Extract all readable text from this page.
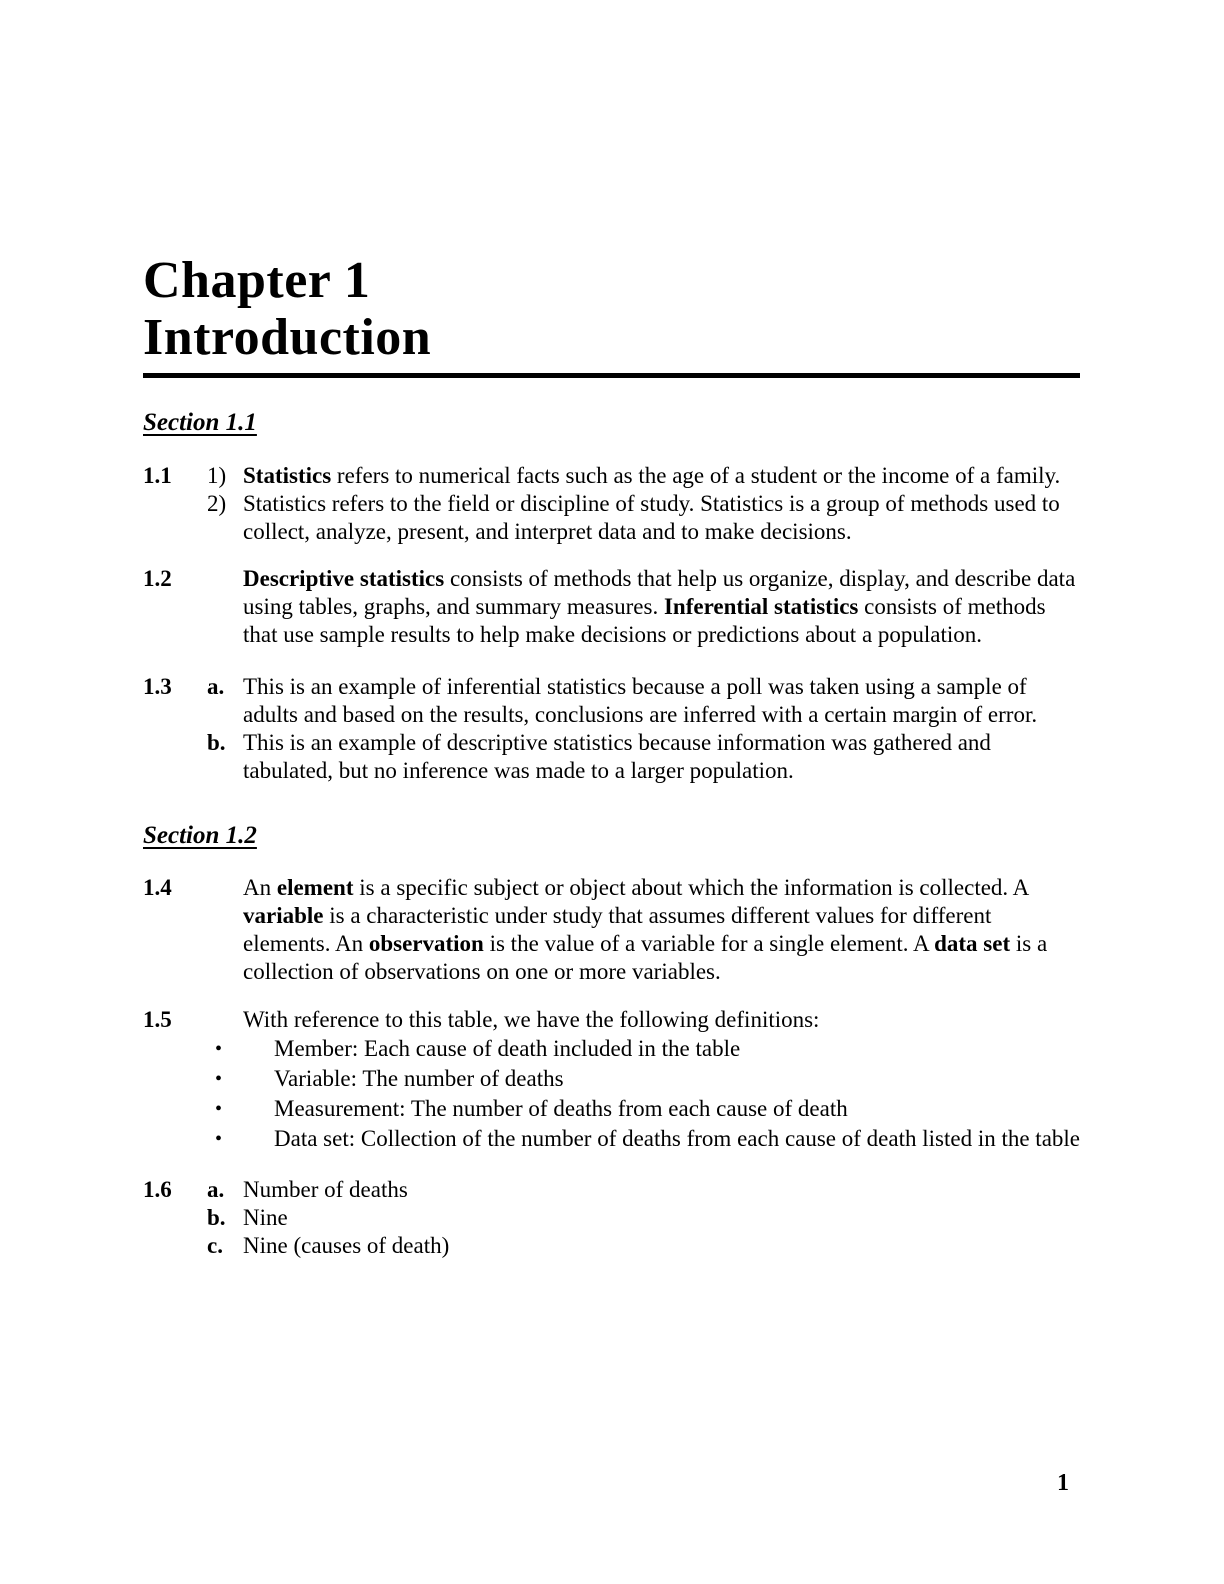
Chapter 1
Introduction
Section 1.1
1.1	1) Statistics refers to numerical facts such as the age of a student or the income of a family.
2) Statistics refers to the field or discipline of study. Statistics is a group of methods used to collect, analyze, present, and interpret data and to make decisions.
1.2	Descriptive statistics consists of methods that help us organize, display, and describe data using tables, graphs, and summary measures. Inferential statistics consists of methods that use sample results to help make decisions or predictions about a population.
1.3	a. This is an example of inferential statistics because a poll was taken using a sample of adults and based on the results, conclusions are inferred with a certain margin of error.
b. This is an example of descriptive statistics because information was gathered and tabulated, but no inference was made to a larger population.
Section 1.2
1.4	An element is a specific subject or object about which the information is collected. A variable is a characteristic under study that assumes different values for different elements. An observation is the value of a variable for a single element. A data set is a collection of observations on one or more variables.
1.5	With reference to this table, we have the following definitions:
•	Member: Each cause of death included in the table
•	Variable: The number of deaths
•	Measurement: The number of deaths from each cause of death
•	Data set: Collection of the number of deaths from each cause of death listed in the table
1.6	a. Number of deaths
b. Nine
c. Nine (causes of death)
1
